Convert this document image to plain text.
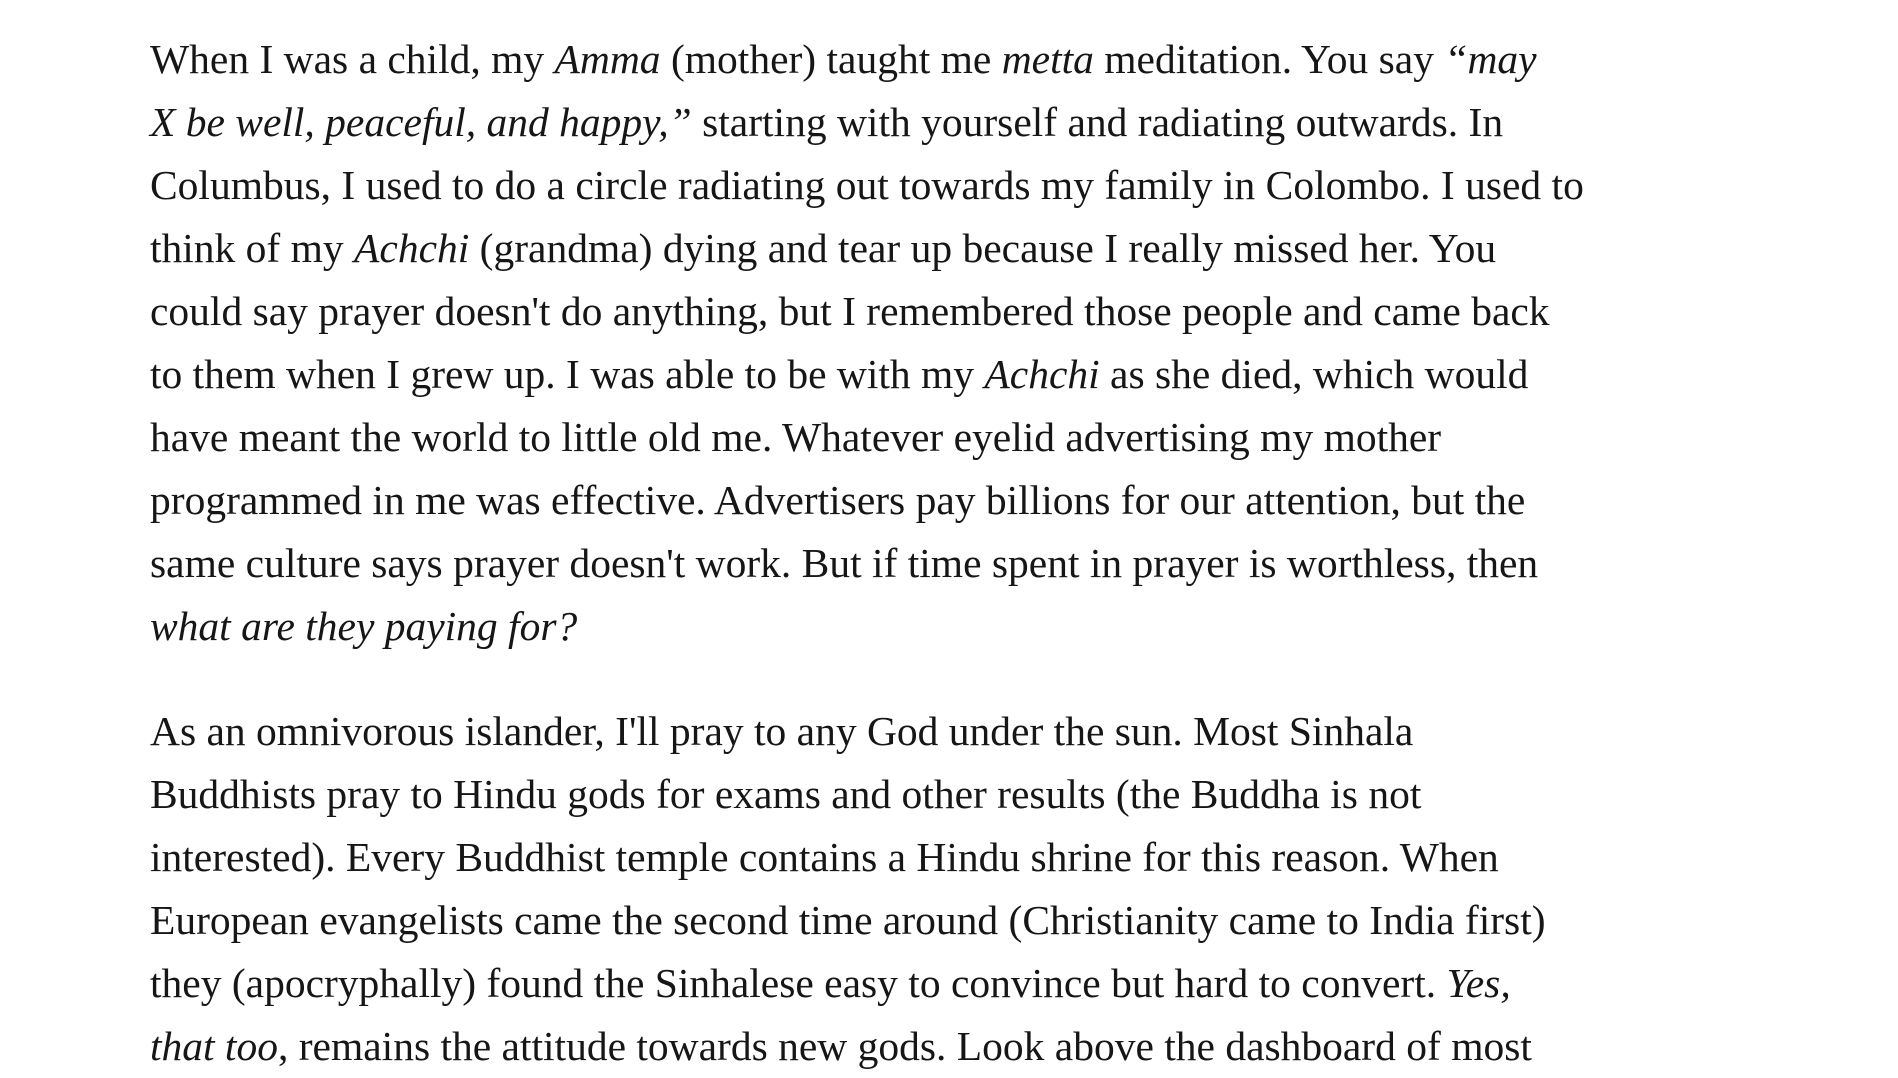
When I was a child, my Amma (mother) taught me metta meditation. You say “may
X be well, peaceful, and happy,” starting with yourself and radiating outwards. In
Columbus, I used to do a circle radiating out towards my family in Colombo. I used to
think of my Achchi (grandma) dying and tear up because I really missed her. You
could say prayer doesn't do anything, but I remembered those people and came back
to them when I grew up. I was able to be with my Achchi as she died, which would
have meant the world to little old me. Whatever eyelid advertising my mother
programmed in me was effective. Advertisers pay billions for our attention, but the
same culture says prayer doesn't work. But if time spent in prayer is worthless, then
what are they paying for?
As an omnivorous islander, I'll pray to any God under the sun. Most Sinhala
Buddhists pray to Hindu gods for exams and other results (the Buddha is not
interested). Every Buddhist temple contains a Hindu shrine for this reason. When
European evangelists came the second time around (Christianity came to India first)
they (apocryphally) found the Sinhalese easy to convince but hard to convert. Yes,
that too, remains the attitude towards new gods. Look above the dashboard of most
